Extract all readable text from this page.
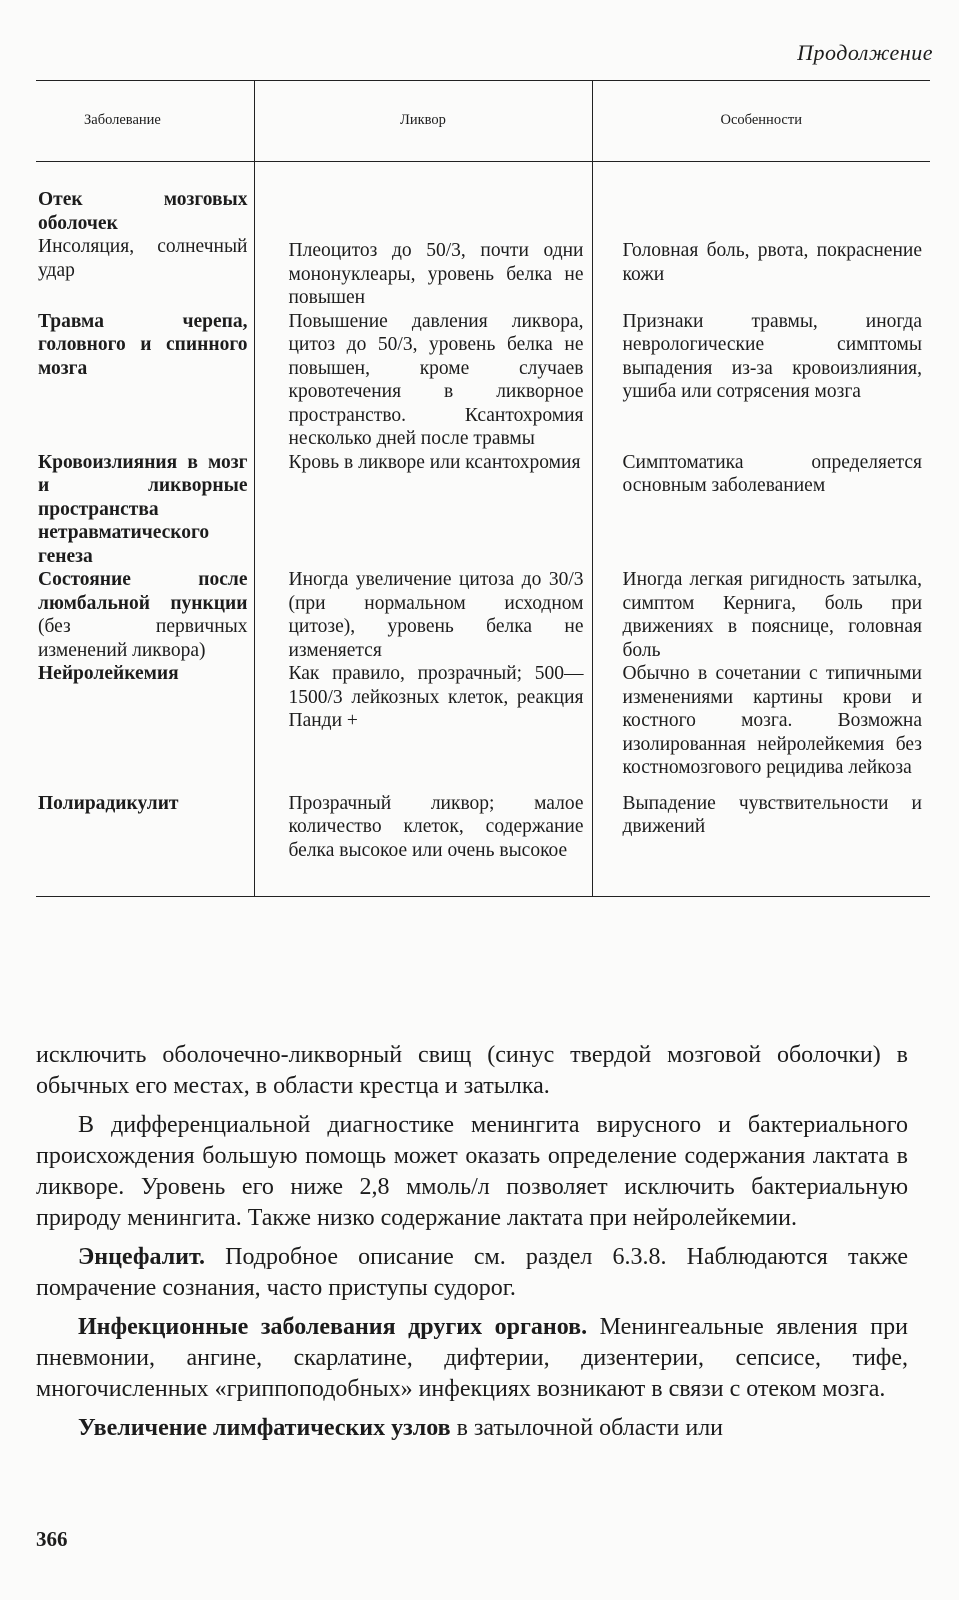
Продолжение
Заболевание	Ликвор	Особенности

Отек мозговых оболочек		
Инсоляция, солнечный удар	Плеоцитоз до 50/3, почти одни мононуклеары, уровень белка не повышен	Головная боль, рвота, покраснение кожи
Травма черепа, головного и спинного мозга	Повышение давления ликвора, цитоз до 50/3, уровень белка не повышен, кроме случаев кровотечения в ликворное пространство. Ксантохромия несколько дней после травмы	Признаки травмы, иногда неврологические симптомы выпадения из-за кровоизлияния, ушиба или сотрясения мозга
Кровоизлияния в мозг и ликворные пространства нетравматического генеза	Кровь в ликворе или ксантохромия	Симптоматика определяется основным заболеванием
Состояние после люмбальной пункции (без первичных изменений ликвора)	Иногда увеличение цитоза до 30/3 (при нормальном исходном цитозе), уровень белка не изменяется	Иногда легкая ригидность затылка, симптом Кернига, боль при движениях в пояснице, головная боль
Нейролейкемия	Как правило, прозрачный; 500—1500/3 лейкозных клеток, реакция Панди +	Обычно в сочетании с типичными изменениями картины крови и костного мозга. Возможна изолированная нейролейкемия без костномозгового рецидива лейкоза
Полирадикулит	Прозрачный ликвор; малое количество клеток, содержание белка высокое или очень высокое	Выпадение чувствительности и движений

исключить оболочечно-ликворный свищ (синус твердой мозговой оболочки) в обычных его местах, в области крестца и затылка.

В дифференциальной диагностике менингита вирусного и бактериального происхождения большую помощь может оказать определение содержания лактата в ликворе. Уровень его ниже 2,8 ммоль/л позволяет исключить бактериальную природу менингита. Также низко содержание лактата при нейролейкемии.

Энцефалит. Подробное описание см. раздел 6.3.8. Наблюдаются также помрачение сознания, часто приступы судорог.

Инфекционные заболевания других органов. Менингеальные явления при пневмонии, ангине, скарлатине, дифтерии, дизентерии, сепсисе, тифе, многочисленных «гриппоподобных» инфекциях возникают в связи с отеком мозга.

Увеличение лимфатических узлов в затылочной области или

366
